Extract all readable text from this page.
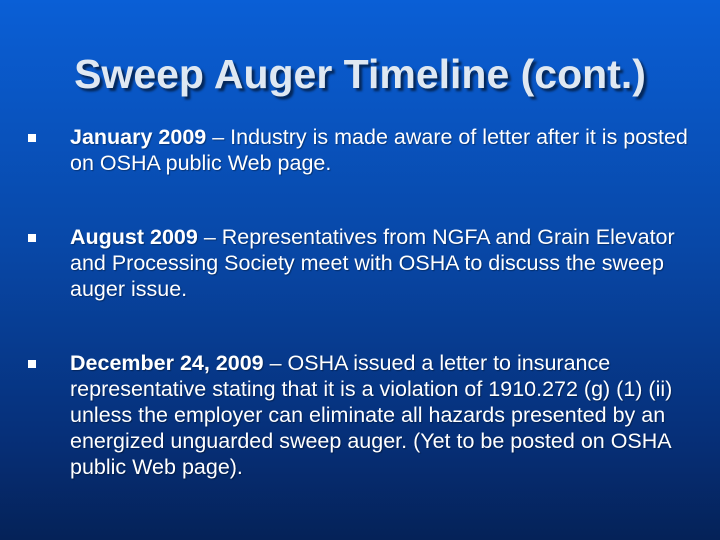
Sweep Auger Timeline (cont.)
January 2009 – Industry is made aware of letter after it is posted on OSHA public Web page.
August 2009 – Representatives from NGFA and Grain Elevator and Processing Society meet with OSHA to discuss the sweep auger issue.
December 24, 2009 – OSHA issued a letter to insurance representative stating that it is a violation of 1910.272 (g) (1) (ii) unless the employer can eliminate all hazards presented by an energized unguarded sweep auger. (Yet to be posted on OSHA public Web page).
